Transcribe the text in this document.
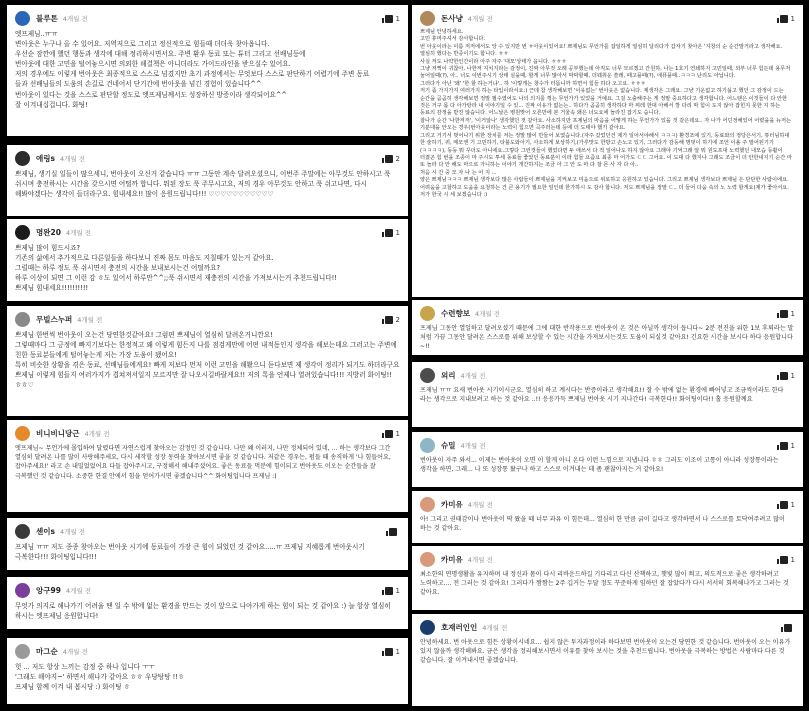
블루톤 4개월 전	1
엣프제님..ㅠㅠ
변아웃은 누구나 올 수 있어요. 저역저으로 그리고 정신적으로 힘들때 더더욱 찾아옵니다.
우선순 잠깐에 했던 행동과 생각에 대해 정리하시면서요. 주변 환우 동료 또는 튜터 그리고 선배님등에
번아웃에 대한 고민을 털어놓으시면 의외한 해결책은 아니더라도 가이드라인을 받으실수 있어요.
저의 경우에도 이렇게 번아웃은 최종적으로 스스로 넘겼지만 초기 과정에서는 무엇보다 스스로 판단하기 어렵기에 주변 동료
들과 선배님들의 도움의 손길로 건네어서 단기간에 번아웃을 넘긴 경험이 있습니다^^
번아웃이 있다는 것을 스스로 판단할 정도로 엣프제님께서도 성장하신 방증이라 생각되어요^^
잘 이겨내십겁니다. 화팅!
애링s 4개월 전	2
쁘제님, 생기실 일들이 많으세니, 번아웃이 오신거 같습니다 ㅠㅠ 그동안 계속 달려오셨으니, 이번주 주말에는 아무것도 안하시고 푹 쉬시며 충전하시는 시간을 갖으시면 어떨까 합니다. 뭐된 장도 푹 주무시고요, 저의 경우 아무것도 안하고 푹 쉬고나면, 다시 해봐야겠다는 생각이 들더라구요. 힘내세요!! 많이 응원드립니다!!! ♡♡♡♡♡♡♡♡♡♡♡
명완20 4개월 전	1
쁘제님 많이 힘드시죠?
기존의 삶에서 추가적으로 다른일들을 하다보니 진짜 몸도 마음도 지칠때가 있는거 같아요.
그럴때는 하루 정도 푹 쉬시면서 충전의 시간을 보내보시는건 어떨까요?
하루 이상이 되면 그 이런 감 ㅎ도 있어서 하루만^^;;푹 쉬시면서 재충전의 시간을 가져보시는거 추천드립니다!!
쁘제님 힘내세요!!!!!!!!!!
무빌스누퍼 4개월 전	2
쁘제님 한번씩 번아웃이 오는건 당연한것같아요! 그럼편 쁘제님이 열심히 달려온거니깐요!
그렇때마다 그 긍정에 빠지기보다는 한정적고 왜 이렇게 힘든지 나를 점검게만에 어떤 내적동인지 생각을 해보는데요 그러고는 주변에 친한 동료분들에게 털어놓는게 저는 가장 도움이 됐어요!
특히 비슷한 상황을 겪은 동료, 선배님들에게요! 빠게 저보다 먼저 이런 고민을 해봤으니 듣다보면 제 생각이 정리가 되기도 하더라구요
쁘제님 이렇게 힘들지 여러가지가 겹쳐져서일지 모르지만 잘 나오시길바랄게요!! 저의 톡을 언제나 열려있습니다!!! 지방러 화이팅!!ㅎㅎ♡
비니비니당근 4개월 전	1
엣프제님~ 무언가에 몰입하여 달렸다면 자연스럽게 찾아오는 감정인 것 같습니다. 나만 왜 이러지, 나만 정체되어 있네, ... 하는 생각보다 그간 열심히 달려온 나를 많이 사랑해주세요, 다시 세작할 성장 동력을 찾아보시면 좋을 것 같습니다. 저같은 경우는, 펌들 때 송직하게 '나 힘들어요, 잡아주세요!' 라고 손 내밀었었어요 다들 잡아주시고, 구정해서 해내주셨어요. 좋은 동료들 먹분에 힘이되고 번아웃도 이오는 순간들을 잘 극복했던 것 같습니다. 소중한 한결 안에서 힘을 얻어가시면 좋겠습니다^^ 화이팅입니다 프제님 :)
센이s 4개월 전
프제님 ㅠㅠ 저도 종종 찾아오는 번아웃 시기에 동료들이 가장 큰 힘이 되었던 것 같아요.....ㅠ 프제님 지혜롭게 번아웃시기 극복한다!!! 화이팅입니다!!!
앙구99 4개월 전	1
무엇가 의지로 해나가기 어려울 땐 일 수 밖에 없는 환경을 만드는 것이 앞으로 나아가게 하는 힘이 되는 것 같아요 :) 늘 항상 열심히 하시는 엣프제님 응원합니다!
마그순 4개월 전	1
헛 ... 저도 항상 느끼는 감정 중 하나 입니다 ㅜㅜ
'그래도 해야지~' 하면서 해나가 같아요 ㅎㅎ 우당탕탕 !!ㅎ
프제님 함께 이겨 내 봅시당 :) 화이팅 ㅎ
돈사냥 4개월 전	1
쁘제님 안녕하세요.
고민 휴머주셔서 감사합니다.
번 아웃이라는 이름 저저에서도 앙 수 있지만 번 ㅎ아웃이있어요! 쁘제님도 무언가를 잡일하게 열심히 달리다가 갑자기 찾아온 '지창의 순 순간말거라고 생각해요. 열심히 했다는 반증이기도 합니다. ㅎㅎ
사실 저도 나약한인간이라 아주 자주 '대모'상태가 옵니다. ㅎㅎㅎ
그냥 저쩍이 귀찮아, 나한저 지치지라는 감정이, 진짜 아무것 오래 공부했는데 아직도 너무 모르겠고 간원하, 나는 1호기 연쇄하지 고민일때, 외부 너무 힘든데 용무저 눌어일때(?), 아.. 너도 이번주시기 상태 실을때, 할게 너무 많아서 막막할때, 더웨취운 쓸레, 때고플때(?), 애퓨플때..ㅋㅋㅋ 난리도 아닙니다.
그러다가 아닌 '왜' '한 할 하는거냐'.. 하 '이렇게는 창수가 터뜸니까 하면서 힘들 하다 오고요. ㅎㅎㅎ
저기 좀 가지가지 여러가지 하는 타입이라서요:) 근데 참 생각해보면 '이유없는' 번아웃은 없습니다. 제생각은 그래요. 그냥 기운없고 하기싫고 했던 그 감정이 드는 순간을 곰곰히 생각해보면 정말 필수였어도 나의 의지를 꺾는 무언가가 있었을 거예요. 그걸 노출해주는 게 정말 중요하다고 생각합니다. 어느땐은 이것들이 다 안한 것은 거구 몸 다 아가랑라 내 이야기일 수 있... 진짜 이유가 없는는.. 하다가 곰곰히 생각하다 마 찌레 한대 아해서 깡 다리 막 힘이 도지 않아 잡힌지 못한 지 하는 동료의 감정을 받진 않습니다. 어느날은 병원맞어 오른만에 본 거울속 왜은 너도요에 놀라진 잡기도 습니다.
잘나가 순간 '나한저저', '이거알나' 생각했던 것 같아요. 사소하지만 프제님의 마음을 어떻게 하는 무언가가 있을 것 같은데요.. 자 나가 어딘정해있어 어렸을을 뉴저는 기분대을 안오는 경우(번아웃이라는 노력이 힘으면 곡주러는데 등에 더 도태야 했기 같아요.
그리고 거기서 벗어나기 위한 장치를 저는 정말 많이 만들어 보였습니다.(자주 갔었던건 제가 일어서야해서 ㅋㅋㅋ) 환경조에 있기, 동료와의 정당은서기, 튜터님하대 한 술하기, 퀴, 메모앤 기 고민하기, 타블도와아기, 사소하게 보상하기,(가루맛도 한방고 손노고 있기, 그러다가 감동해 명멋이 하기에 조언 이올 주 말어된기기 (ㅋㅋㅋㅋ), 동동 뭐 꾸더도 아니에요.그렇다 그런것들이 했었다면 두 애쓰서 다 적 일어나도 하지 않아요 그래야 기억그래 알 뭐 원도프대 노력했던 내모습 등활이 터졌곤 힘 번을 조종이 마 주시도 투세 동료들 좋았던 동료분이 이라 힘들 요즘요 최종 마 어가도 ㄷㄷ 그어요. 이 도대 다 했지나 그래도 조금이 더 안한내지기 순간 마 또 놀라 다 안 해도 마으로 가니하는 이야기 개간하지는 조금 아 그 안 도 마 다 잘 몬 사 자 다 아..
처음 시 간 중 모 자 나 는 어 지 ...
양은 쁘제님ㅋㅋㅋ 쁘제님 생각보다 많은 사람들이 쁘제님을 지켜보고 미움으로 위로하고 응원하고 있습니다. 그리고 쁘제님 생각보다 쁘제님 은 단단한 사람이에요. 어려움을 고찰하고 도움을 요청하는 건 큰 용기가 필요한 일인데 한가하시 도 감사 합니다. 저도 쁘제님을 정말 ㄷ.. 더 들어 다움 속의 노 노력 할게요(제가 좋아서요. 저가 한국 시 세 보겠습니다 :)
수련향보 4개월 전	1
프제님 그동안 열일하고 달려오셨기 때문에 그에 대한 반작용으로 번아웃이 온 것은 아닐까 생각이 듭니다~ 2분 전진을 위한 1보 후퇴라는 말 처럼 가끔 그동안 달려온 스스로를 위해 보상할 수 있는 시간을 가져보시는것도 도움이 되실것 같아요! 긴요한 시간을 보시다 하다 응원합니다~!!
외리 4개월 전	1
프제님 ㅠㅠ 요새 번아웃 시기이시군요. 열심히 하고 계시다는 반증이라고 생각해요!! 잘 수 밖에 없는 환경에 빠어넣고 조금씩이라도 한다 라는 생각으로 지내보려고 하는 것 같아요 ..!! 응응가득 쁘제님 번아웃 시기 지나간다! 극복한다!! 화이팅이다!! 홀 응원할께요
슈밀 4개월 전	1
번아웃이 자주 와서... 이제는 번아웃이 오면 이 할게 아니 온다 이런 느낌으로 지냅니다 ㅎㅎ 그러도 이조이 고통이 아니라 성장통이라는 생각을 하면, 그래... 나 또 성장통 왔구나 하고 스스로 이겨내는 데 좀 괜찮아지는 거 같아요!
카미유 4개월 전	1
아! 그리고 권태감이나 번아웃이 딱 왔을 때 너무 과유 이 힘든데... 열심히 한 만큼 긁이 길다고 생각하면서 나 스스로를 토닥여주려고 많이 하는 것 같아요.
카미유 4개월 전	1
최소한의 연명생활을 유지하며 내 정신과 몸이 다시 리바운드하길 기다리고 다신 산책하고, 햇빛 많이 쬐고, 의도적으로 좋은 생각하려고 노력하고.... 전 그러는 것 같아요! 그러다가 짬짬는 2주 깁거는 두달 정도 꾸준하게 임하던 잘 잡았다가 다시 서서히 회복해나가고 그러는 것 같아요.
호재러인인 4개월 전
안녕하세요. 번 아웃으로 힘든 상황이시네요... 쉽지 않은 투자과정이라 하다보면 번아웃이 오는건 당연한 것 같습니다. 번아웃이 오는 이유가 있지 않을까 생각해봐요. 금은 생각을 정리해보시면서 이유를 찾아 보시는 것을 추천드립니다. 번아웃을 극복하는 방법은 사람마다 다른 것 같습니다. 잘 이겨내시면 좋겠습니다.
